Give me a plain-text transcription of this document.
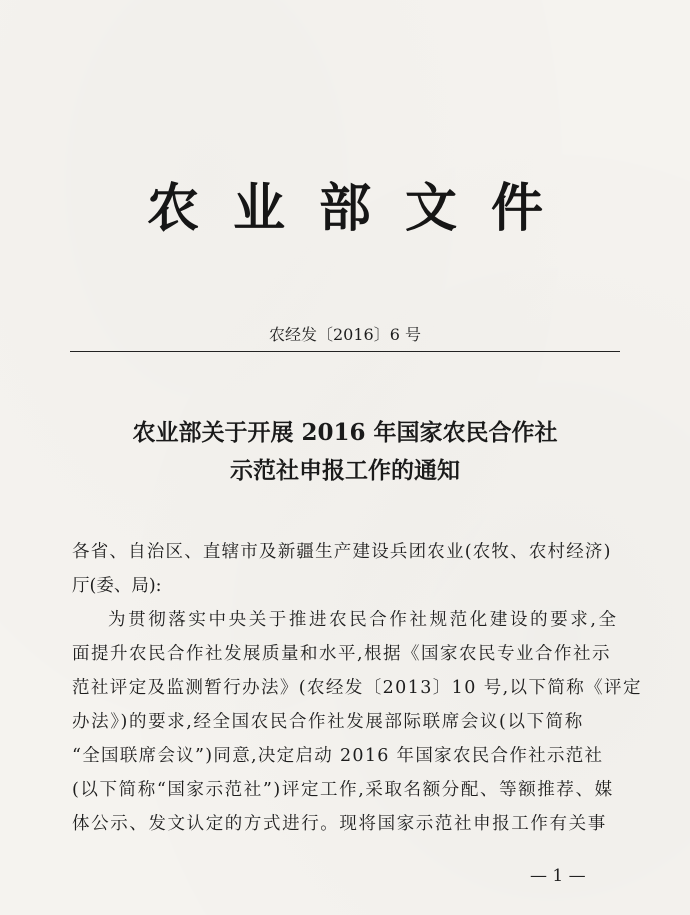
农业部文件
农经发〔2016〕6 号
农业部关于开展 2016 年国家农民合作社
示范社申报工作的通知
各省、自治区、直辖市及新疆生产建设兵团农业(农牧、农村经济)
厅(委、局):
为贯彻落实中央关于推进农民合作社规范化建设的要求,全
面提升农民合作社发展质量和水平,根据《国家农民专业合作社示
范社评定及监测暂行办法》(农经发〔2013〕10 号,以下简称《评定
办法》)的要求,经全国农民合作社发展部际联席会议(以下简称
“全国联席会议”)同意,决定启动 2016 年国家农民合作社示范社
(以下简称“国家示范社”)评定工作,采取名额分配、等额推荐、媒
体公示、发文认定的方式进行。现将国家示范社申报工作有关事
— 1 —
